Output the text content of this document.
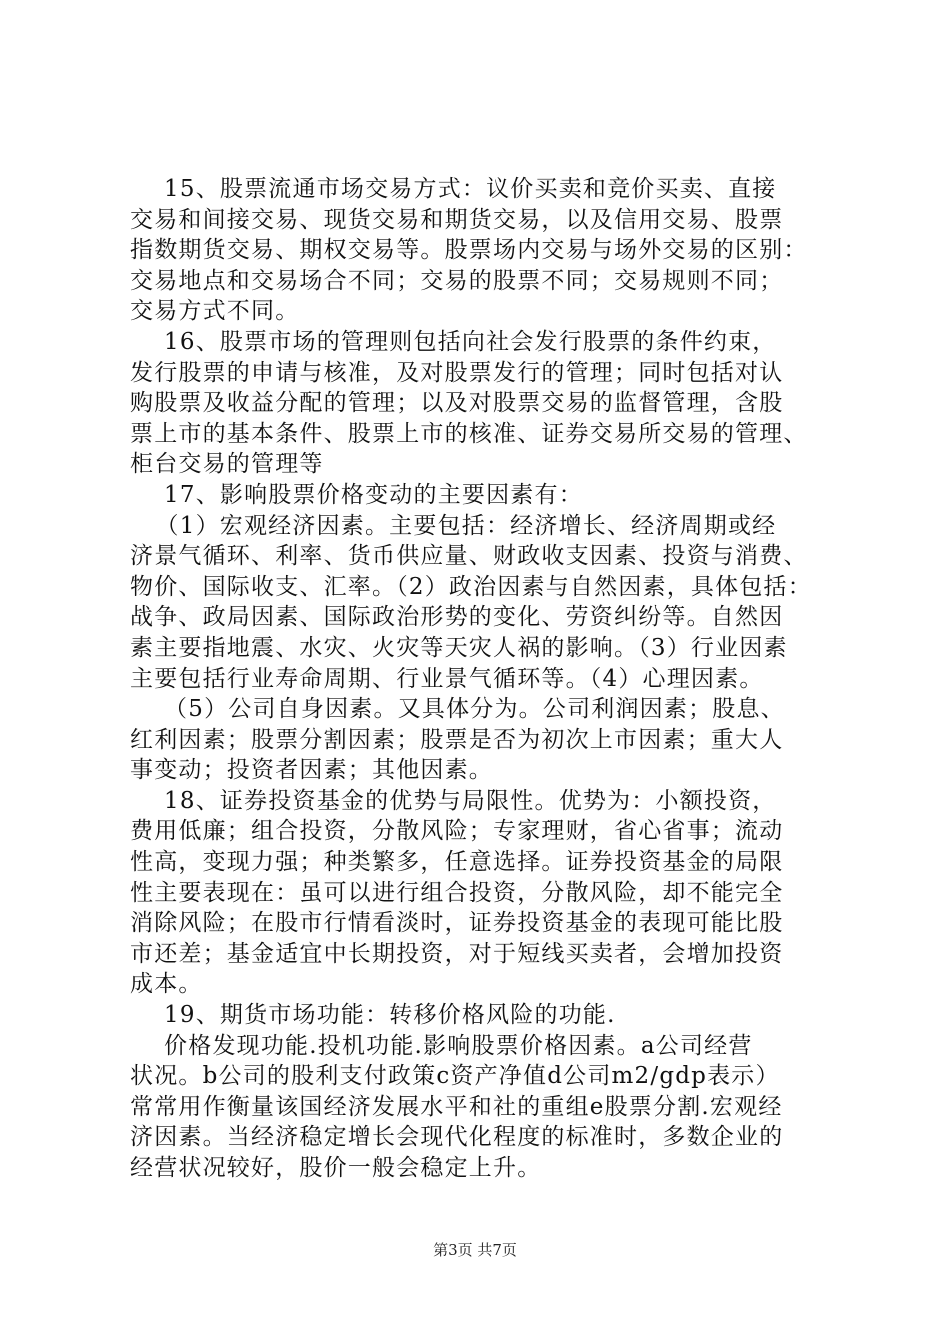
15、股票流通市场交易方式：议价买卖和竞价买卖、直接
交易和间接交易、现货交易和期货交易，以及信用交易、股票
指数期货交易、期权交易等。股票场内交易与场外交易的区别：
交易地点和交易场合不同；交易的股票不同；交易规则不同；
交易方式不同。
16、股票市场的管理则包括向社会发行股票的条件约束，
发行股票的申请与核准，及对股票发行的管理；同时包括对认
购股票及收益分配的管理；以及对股票交易的监督管理，含股
票上市的基本条件、股票上市的核准、证券交易所交易的管理、
柜台交易的管理等
17、影响股票价格变动的主要因素有：
（1）宏观经济因素。主要包括：经济增长、经济周期或经
济景气循环、利率、货币供应量、财政收支因素、投资与消费、
物价、国际收支、汇率。（2）政治因素与自然因素，具体包括：
战争、政局因素、国际政治形势的变化、劳资纠纷等。自然因
素主要指地震、水灾、火灾等天灾人祸的影响。（3）行业因素
主要包括行业寿命周期、行业景气循环等。（4）心理因素。
（5）公司自身因素。又具体分为。公司利润因素；股息、
红利因素；股票分割因素；股票是否为初次上市因素；重大人
事变动；投资者因素；其他因素。
18、证券投资基金的优势与局限性。优势为：小额投资，
费用低廉；组合投资，分散风险；专家理财，省心省事；流动
性高，变现力强；种类繁多，任意选择。证券投资基金的局限
性主要表现在：虽可以进行组合投资，分散风险，却不能完全
消除风险；在股市行情看淡时，证券投资基金的表现可能比股
市还差；基金适宜中长期投资，对于短线买卖者，会增加投资
成本。
19、期货市场功能：转移价格风险的功能.
价格发现功能.投机功能.影响股票价格因素。a公司经营
状况。b公司的股利支付政策c资产净值d公司m2/gdp表示）
常常用作衡量该国经济发展水平和社的重组e股票分割.宏观经
济因素。当经济稳定增长会现代化程度的标准时，多数企业的
经营状况较好，股价一般会稳定上升。
第3页 共7页
